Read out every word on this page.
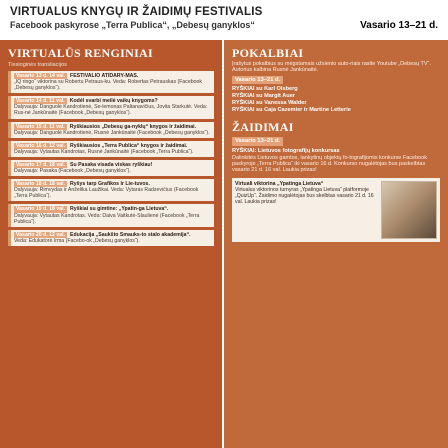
VIRTUALUS KNYGŲ IR ŽAIDIMŲ FESTIVALIS
Facebook paskyrose „Terra Publica“, „Debesų ganyklos“	Vasario 13–21 d.
VIRTUALŪS RENGINIAI
Tiesioginės transliacijos
Vasario 13 d. 14 val. FESTIVALIO ATIDARY-MAS.
„IQ ringo“ viktorina su Robertu Petraus-ku. Veda: Robertas Petrauskas (Facebook „Debesų ganyklos“).
Vasario 14 d. 11 val. Kodėl svarbi meilė vaikų knygoms?
Dalyvauja: Danguolė Kandrotienė, Se-lemonas Paltanavičius, Jovita Starkutė. Veda: Rus-nė Jankūnaitė (Facebook „Debesų ganyklos“).
Vasario 15 d. 11 val. Ryškiausios „Debesų ga-nyklų“ knygos ir žaidimai.
Dalyvauja: Danguolė Kandrotienė, Rusnė Jankūnaitė (Facebook „Debesų ganyklos“).
Vasario 16 d. 12 val. Ryškiausios „Terra Publica“ knygos ir žaidimai.
Dalyvauja: Vytautas Kandrotas, Rusnė Jankūnaitė (Facebook „Terra Publica“).
Vasario 17 d. 18 val. Su Pasaka visada viskas ryškiau!
Dalyvauja: Pasaka (Facebook „Debesų ganyklos“).
Vasario 18 d. 18 val. Ryšys tarp Grafikos ir Lie-tuvos.
Dalyvauja: Rimvydas ir Anželika Laužikai. Veda: Vytaras Radzevičius (Facebook „Terra Publica“).
Vasario 19 d. 18 val. Ryškiai su gimtine: „Ypatin-ga Lietuva“.
Dalyvauja: Vytautas Kandrotas. Veda: Daiva Vaitkutė-Slaulienė (Facebook „Terra Publica“).
Vasario 20 d. 12 val. Edukacija „Saukšto Smauks-to stalo akademija“.
Veda: Edukatorė Irma (Facebo-ok „Debesų ganyklos“).
POKALBIAI
Įrašytus pokalbius su mėgstamais užsienio auto-riais rasite Youtube „Debesų TV“. Autorius kalbina Rusnė Jankūnaitė.
Vasario 13–21 d.
RYŠKIAI su Karl Olsberg
RYŠKIAI su Margit Auer
RYŠKIAI su Vanessa Walder
RYŠKIAI su Caja Cazemier ir Martine Letterie
ŽAIDIMAI
Vasario 13–21 d.
RYŠKIAI: Lietuvos fotografijų konkursas
Dalinkitės Lietuvos gamtos, lankytinų objektų fo-tografijomis konkurse Facebook paskyroje „Terra Publica“ iki vasario 16 d. Konkurso nugalėtojas bus paskelbtas vasario 21 d. 16 val. Laukia prizas!
Virtuali viktorina „Ypatinga Lietuva“
Virtualus viktorinos turnyras „Ypatinga Lietuva“ platformoje „QuizUp“. Žaidimo nugalėtojas bus skelbtas vasario 21 d. 16 val. Laukia prizas!
